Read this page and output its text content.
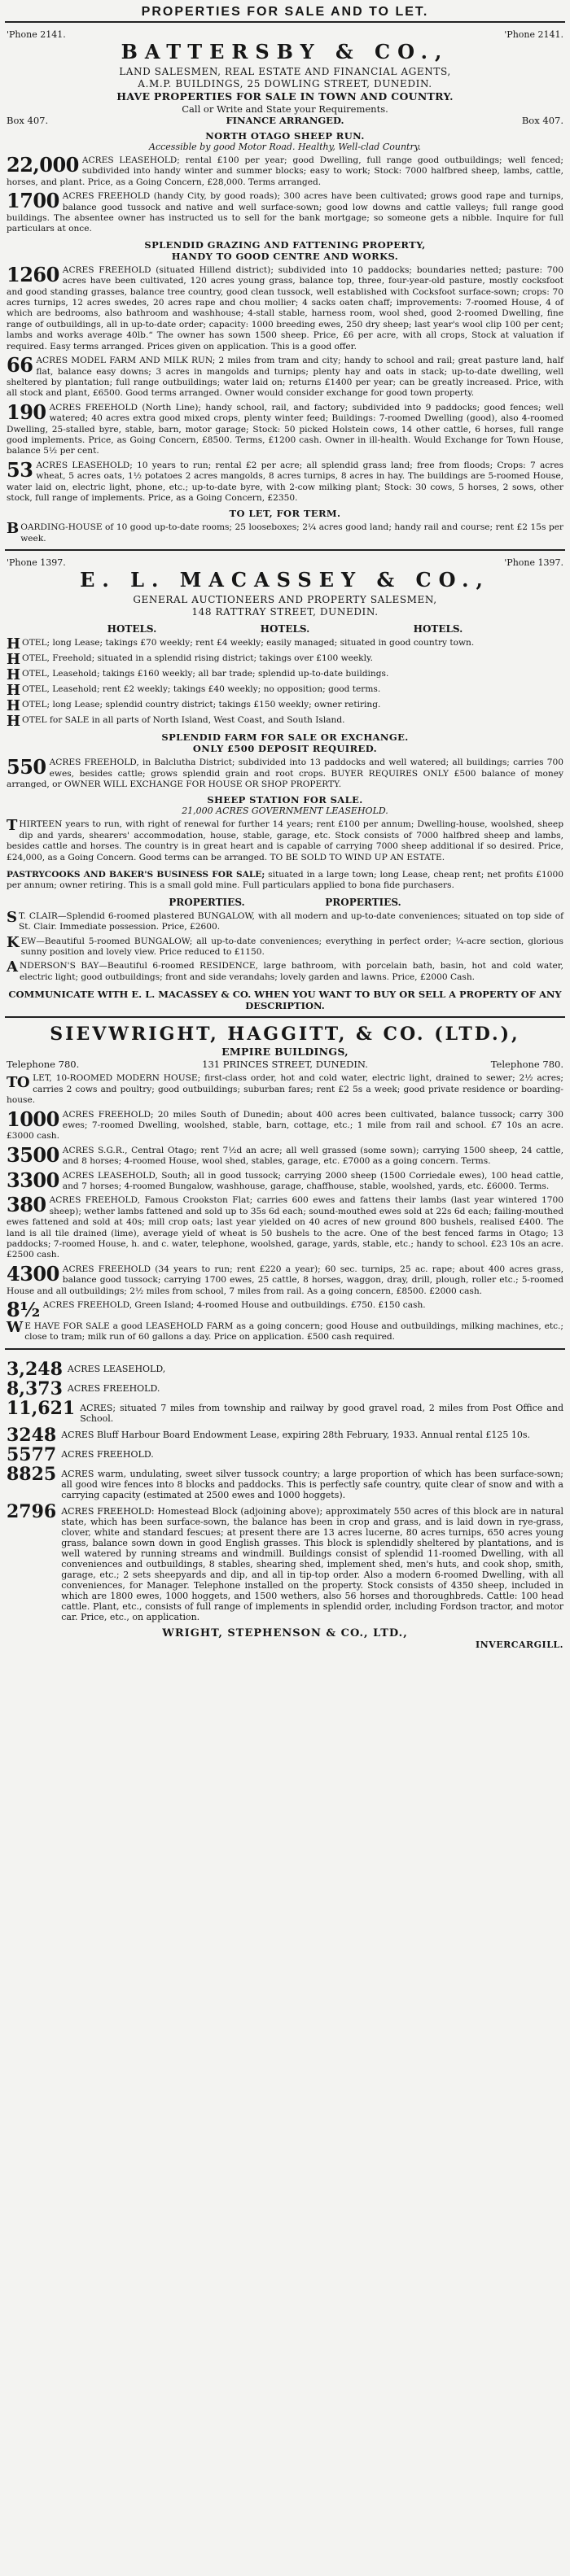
PROPERTIES FOR SALE AND TO LET.
'Phone 2141.	'Phone 2141.
BATTERSBY & CO.,
LAND SALESMEN, REAL ESTATE AND FINANCIAL AGENTS,
A.M.P. BUILDINGS, 25 DOWLING STREET, DUNEDIN.
HAVE PROPERTIES FOR SALE IN TOWN AND COUNTRY.
Call or Write and State your Requirements.
Box 407.	FINANCE ARRANGED.	Box 407.
NORTH OTAGO SHEEP RUN.
Accessible by good Motor Road. Healthy, Well-clad Country.
22,000 ACRES LEASEHOLD; rental £100 per year; good Dwelling, full range good outbuildings; well fenced; subdivided into handy winter and summer blocks; easy to work; Stock: 7000 halfbred sheep, lambs, cattle, horses, and plant. Price, as a Going Concern, £28,000. Terms arranged.
1700 ACRES FREEHOLD (handy City, by good roads); 300 acres have been cultivated; grows good rape and turnips, balance good tussock and native and well surface-sown; good low downs and cattle valleys; full range good buildings. The absentee owner has instructed us to sell for the bank mortgage; so someone gets a nibble. Inquire for full particulars at once.
SPLENDID GRAZING AND FATTENING PROPERTY,
HANDY TO GOOD CENTRE AND WORKS.
1260 ACRES FREEHOLD (situated Hillend district); subdivided into 10 paddocks; boundaries netted; pasture: 700 acres have been cultivated, 120 acres young grass, balance top, three, four-year-old pasture, mostly cocksfoot and good standing grasses, balance tree country, good clean tussock, well established with Cocksfoot surface-sown; crops: 70 acres turnips, 12 acres swedes, 20 acres rape and chou mollier; 4 sacks oaten chaff; improvements: 7-roomed House, 4 of which are bedrooms, also bathroom and washhouse; 4-stall stable, harness room, wool shed, good 2-roomed Dwelling, fine range of outbuildings, all in up-to-date order; capacity: 1000 breeding ewes, 250 dry sheep; last year's wool clip 100 per cent; lambs and works average 40lb.“ The owner has sown 1500 sheep. Price, £6 per acre, with all crops, Stock at valuation if required. Easy terms arranged. Prices given on application. This is a good offer.
66 ACRES MODEL FARM AND MILK RUN; 2 miles from tram and city; handy to school and rail; great pasture land, half flat, balance easy downs; 3 acres in mangolds and turnips; plenty hay and oats in stack; up-to-date dwelling, well sheltered by plantation; full range outbuildings; water laid on; returns £1400 per year; can be greatly increased. Price, with all stock and plant, £6500. Good terms arranged. Owner would consider exchange for good town property.
190 ACRES FREEHOLD (North Line); handy school, rail, and factory; subdivided into 9 paddocks; good fences; well watered; 40 acres extra good mixed crops, plenty winter feed; Buildings: 7-roomed Dwelling (good), also 4-roomed Dwelling, 25-stalled byre, stable, barn, motor garage; Stock: 50 picked Holstein cows, 14 other cattle, 6 horses, full range good implements. Price, as Going Concern, £8500. Terms, £1200 cash. Owner in ill-health. Would Exchange for Town House, balance 5½ per cent.
53 ACRES LEASEHOLD; 10 years to run; rental £2 per acre; all splendid grass land; free from floods; Crops: 7 acres wheat, 5 acres oats, 1½ potatoes 2 acres mangolds, 8 acres turnips, 8 acres in hay. The buildings are 5-roomed House, water laid on, electric light, phone, etc.; up-to-date byre, with 2-cow milking plant; Stock: 30 cows, 5 horses, 2 sows, other stock, full range of implements. Price, as a Going Concern, £2350.
TO LET, FOR TERM.
B OARDING-HOUSE of 10 good up-to-date rooms; 25 looseboxes; 2¼ acres good land; handy rail and course; rent £2 15s per week.
'Phone 1397.	'Phone 1397.
E. L. MACASSEY & CO.,
GENERAL AUCTIONEERS AND PROPERTY SALESMEN,
148 RATTRAY STREET, DUNEDIN.
HOTELS.	HOTELS.	HOTELS.
H OTEL; long Lease; takings £70 weekly; rent £4 weekly; easily managed; situated in good country town.
H OTEL, Freehold; situated in a splendid rising district; takings over £100 weekly.
H OTEL, Leasehold; takings £160 weekly; all bar trade; splendid up-to-date buildings.
H OTEL, Leasehold; rent £2 weekly; takings £40 weekly; no opposition; good terms.
H OTEL; long Lease; splendid country district; takings £150 weekly; owner retiring.
H OTEL for SALE in all parts of North Island, West Coast, and South Island.
SPLENDID FARM FOR SALE OR EXCHANGE.
ONLY £500 DEPOSIT REQUIRED.
550 ACRES FREEHOLD, in Balclutha District; subdivided into 13 paddocks and well watered; all buildings; carries 700 ewes, besides cattle; grows splendid grain and root crops. BUYER REQUIRES ONLY £500 balance of money arranged, or OWNER WILL EXCHANGE FOR HOUSE OR SHOP PROPERTY.
SHEEP STATION FOR SALE.
21,000 ACRES GOVERNMENT LEASEHOLD.
T HIRTEEN years to run, with right of renewal for further 14 years; rent £100 per annum; Dwelling-house, woolshed, sheep dip and yards, shearers' accommodation, house, stable, garage, etc. Stock consists of 7000 halfbred sheep and lambs, besides cattle and horses. The country is in great heart and is capable of carrying 7000 sheep additional if so desired. Price, £24,000, as a Going Concern. Good terms can be arranged. TO BE SOLD TO WIND UP AN ESTATE.
PASTRYCOOKS AND BAKER'S BUSINESS FOR SALE; situated in a large town; long Lease, cheap rent; net profits £1000 per annum; owner retiring. This is a small gold mine. Full particulars applied to bona fide purchasers.
PROPERTIES.	PROPERTIES.
S T. CLAIR—Splendid 6-roomed plastered BUNGALOW, with all modern and up-to-date conveniences; situated on top side of St. Clair. Immediate possession. Price, £2600.
K EW—Beautiful 5-roomed BUNGALOW; all up-to-date conveniences; everything in perfect order; ¼-acre section, glorious sunny position and lovely view. Price reduced to £1150.
A NDERSON'S BAY—Beautiful 6-roomed RESIDENCE, large bathroom, with porcelain bath, basin, hot and cold water, electric light; good outbuildings; front and side verandahs; lovely garden and lawns. Price, £2000 Cash.
COMMUNICATE WITH E. L. MACASSEY & CO. WHEN YOU WANT TO BUY OR SELL A PROPERTY OF ANY DESCRIPTION.
SIEVWRIGHT, HAGGITT, & CO. (LTD.),
EMPIRE BUILDINGS,
Telephone 780.	131 PRINCES STREET, DUNEDIN.	Telephone 780.
TO LET, 10-ROOMED MODERN HOUSE; first-class order, hot and cold water, electric light, drained to sewer; 2½ acres; carries 2 cows and poultry; good outbuildings; suburban fares; rent £2 5s a week; good private residence or boarding-house.
1000 ACRES FREEHOLD; 20 miles South of Dunedin; about 400 acres been cultivated, balance tussock; carry 300 ewes; 7-roomed Dwelling, woolshed, stable, barn, cottage, etc.; 1 mile from rail and school. £7 10s an acre. £3000 cash.
3500 ACRES S.G.R., Central Otago; rent 7½d an acre; all well grassed (some sown); carrying 1500 sheep, 24 cattle, and 8 horses; 4-roomed House, wool shed, stables, garage, etc. £7000 as a going concern. Terms.
3300 ACRES LEASEHOLD, South; all in good tussock; carrying 2000 sheep (1500 Corriedale ewes), 100 head cattle, and 7 horses; 4-roomed Bungalow, washhouse, garage, chaffhouse, stable, woolshed, yards, etc. £6000. Terms.
380 ACRES FREEHOLD, Famous Crookston Flat; carries 600 ewes and fattens their lambs (last year wintered 1700 sheep); wether lambs fattened and sold up to 35s 6d each; sound-mouthed ewes sold at 22s 6d each; failing-mouthed ewes fattened and sold at 40s; mill crop oats; last year yielded on 40 acres of new ground 800 bushels, realised £400. The land is all tile drained (lime), average yield of wheat is 50 bushels to the acre. One of the best fenced farms in Otago; 13 paddocks; 7-roomed House, h. and c. water, telephone, woolshed, garage, yards, stable, etc.; handy to school. £23 10s an acre. £2500 cash.
4300 ACRES FREEHOLD (34 years to run; rent £220 a year); 60 sec. turnips, 25 ac. rape; about 400 acres grass, balance good tussock; carrying 1700 ewes, 25 cattle, 8 horses, waggon, dray, drill, plough, roller etc.; 5-roomed House and all outbuildings; 2½ miles from school, 7 miles from rail. As a going concern, £8500. £2000 cash.
8½ ACRES FREEHOLD, Green Island; 4-roomed House and outbuildings. £750. £150 cash.
W E HAVE FOR SALE a good LEASEHOLD FARM as a going concern; good House and outbuildings, milking machines, etc.; close to tram; milk run of 60 gallons a day. Price on application. £500 cash required.
3,248 ACRES LEASEHOLD,
8,373 ACRES FREEHOLD.
11,621 ACRES; situated 7 miles from township and railway by good gravel road, 2 miles from Post Office and School.
3248 ACRES Bluff Harbour Board Endowment Lease, expiring 28th February, 1933. Annual rental £125 10s.
5577 ACRES FREEHOLD.
8825 ACRES warm, undulating, sweet silver tussock country; a large proportion of which has been surface-sown; all good wire fences into 8 blocks and paddocks. This is perfectly safe country, quite clear of snow and with a carrying capacity (estimated at 2500 ewes and 1000 hoggets).
2796 ACRES FREEHOLD: Homestead Block (adjoining above); approximately 550 acres of this block are in natural state, which has been surface-sown, the balance has been in crop and grass, and is laid down in rye-grass, clover, white and standard fescues; at present there are 13 acres lucerne, 80 acres turnips, 650 acres young grass, balance sown down in good English grasses. This block is splendidly sheltered by plantations, and is well watered by running streams and windmill. Buildings consist of splendid 11-roomed Dwelling, with all conveniences and outbuildings, 8 stables, shearing shed, implement shed, men's huts, and cook shop, smith, garage, etc.; 2 sets sheepyards and dip, and all in tip-top order. Also a modern 6-roomed Dwelling, with all conveniences, for Manager. Telephone installed on the property. Stock consists of 4350 sheep, included in which are 1800 ewes, 1000 hoggets, and 1500 wethers, also 56 horses and thoroughbreds. Cattle: 100 head cattle. Plant, etc., consists of full range of implements in splendid order, including Fordson tractor, and motor car. Price, etc., on application.
WRIGHT, STEPHENSON & CO., LTD.,
INVERCARGILL.
